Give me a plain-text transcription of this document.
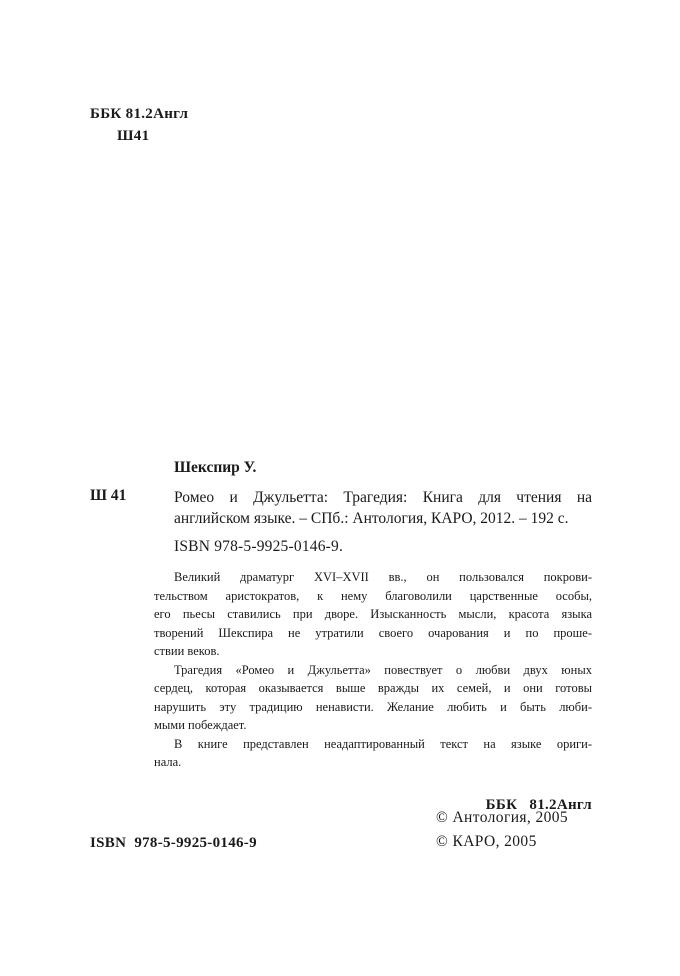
ББК 81.2Англ
Ш41
Шекспир У.
Ш 41	Ромео и Джульетта: Трагедия: Книга для чтения на
английском языке. – СПб.: Антология, КАРО, 2012. – 192 с.
ISBN 978-5-9925-0146-9.
Великий драматург XVI–XVII вв., он пользовался покрови-
тельством аристократов, к нему благоволили царственные особы,
его пьесы ставились при дворе. Изысканность мысли, красота языка
творений Шекспира не утратили своего очарования и по проше-
ствии веков.
Трагедия «Ромео и Джульетта» повествует о любви двух юных
сердец, которая оказывается выше вражды их семей, и они готовы
нарушить эту традицию ненависти. Желание любить и быть люби-
мыми побеждает.
В книге представлен неадаптированный текст на языке ориги-
нала.
ББК   81.2Англ
© Антология, 2005
© КАРО, 2005
ISBN  978-5-9925-0146-9
